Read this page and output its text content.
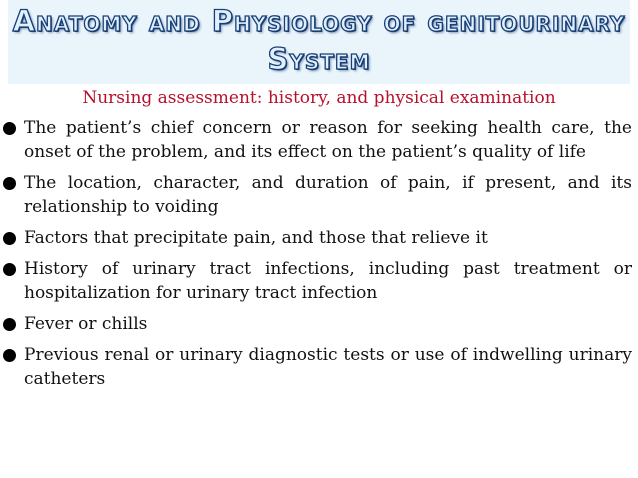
Anatomy and Physiology of genitourinary System
Nursing assessment: history, and physical examination
The patient’s chief concern or reason for seeking health care, the onset of the problem, and its effect on the patient’s quality of life
The location, character, and duration of pain, if present, and its relationship to voiding
Factors that precipitate pain, and those that relieve it
History of urinary tract infections, including past treatment or hospitalization for urinary tract infection
Fever or chills
Previous renal or urinary diagnostic tests or use of indwelling urinary catheters
